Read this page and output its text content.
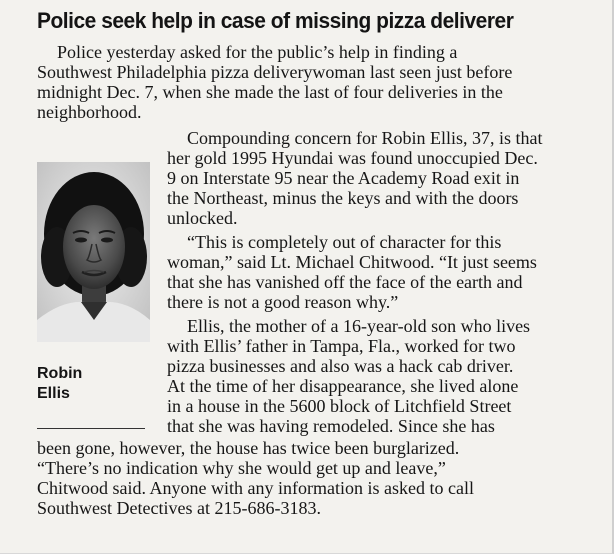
Police seek help in case of missing pizza deliverer
Robin
Ellis
Police yesterday asked for the public’s help in finding a
Southwest Philadelphia pizza deliverywoman last seen just before
midnight Dec. 7, when she made the last of four deliveries in the
neighborhood.
Compounding concern for Robin Ellis, 37, is that
her gold 1995 Hyundai was found unoccupied Dec.
9 on Interstate 95 near the Academy Road exit in
the Northeast, minus the keys and with the doors
unlocked.
“This is completely out of character for this
woman,” said Lt. Michael Chitwood. “It just seems
that she has vanished off the face of the earth and
there is not a good reason why.”
Ellis, the mother of a 16-year-old son who lives
with Ellis’ father in Tampa, Fla., worked for two
pizza businesses and also was a hack cab driver.
At the time of her disappearance, she lived alone
in a house in the 5600 block of Litchfield Street
that she was having remodeled. Since she has
been gone, however, the house has twice been burglarized.
“There’s no indication why she would get up and leave,”
Chitwood said. Anyone with any information is asked to call
Southwest Detectives at 215-686-3183.
